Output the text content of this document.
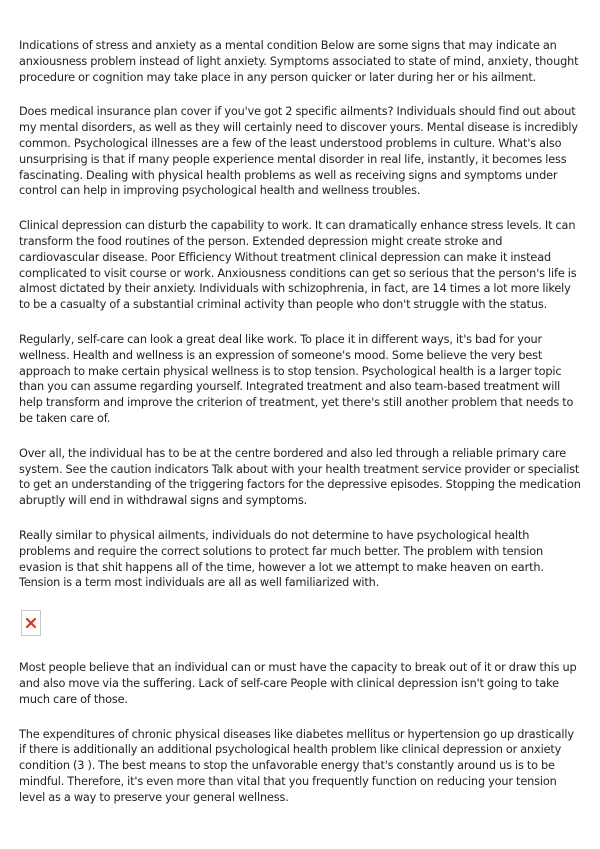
Indications of stress and anxiety as a mental condition Below are some signs that may indicate an anxiousness problem instead of light anxiety. Symptoms associated to state of mind, anxiety, thought procedure or cognition may take place in any person quicker or later during her or his ailment.

Does medical insurance plan cover if you've got 2 specific ailments? Individuals should find out about my mental disorders, as well as they will certainly need to discover yours. Mental disease is incredibly common. Psychological illnesses are a few of the least understood problems in culture. What's also unsurprising is that if many people experience mental disorder in real life, instantly, it becomes less fascinating. Dealing with physical health problems as well as receiving signs and symptoms under control can help in improving psychological health and wellness troubles.

Clinical depression can disturb the capability to work. It can dramatically enhance stress levels. It can transform the food routines of the person. Extended depression might create stroke and cardiovascular disease. Poor Efficiency Without treatment clinical depression can make it instead complicated to visit course or work. Anxiousness conditions can get so serious that the person's life is almost dictated by their anxiety. Individuals with schizophrenia, in fact, are 14 times a lot more likely to be a casualty of a substantial criminal activity than people who don't struggle with the status.

Regularly, self-care can look a great deal like work. To place it in different ways, it's bad for your wellness. Health and wellness is an expression of someone's mood. Some believe the very best approach to make certain physical wellness is to stop tension. Psychological health is a larger topic than you can assume regarding yourself. Integrated treatment and also team-based treatment will help transform and improve the criterion of treatment, yet there's still another problem that needs to be taken care of.

Over all, the individual has to be at the centre bordered and also led through a reliable primary care system. See the caution indicators Talk about with your health treatment service provider or specialist to get an understanding of the triggering factors for the depressive episodes. Stopping the medication abruptly will end in withdrawal signs and symptoms.

Really similar to physical ailments, individuals do not determine to have psychological health problems and require the correct solutions to protect far much better. The problem with tension evasion is that shit happens all of the time, however a lot we attempt to make heaven on earth. Tension is a term most individuals are all as well familiarized with.

Most people believe that an individual can or must have the capacity to break out of it or draw this up and also move via the suffering. Lack of self-care People with clinical depression isn't going to take much care of those.

The expenditures of chronic physical diseases like diabetes mellitus or hypertension go up drastically if there is additionally an additional psychological health problem like clinical depression or anxiety condition (3 ). The best means to stop the unfavorable energy that's constantly around us is to be mindful. Therefore, it's even more than vital that you frequently function on reducing your tension level as a way to preserve your general wellness.
